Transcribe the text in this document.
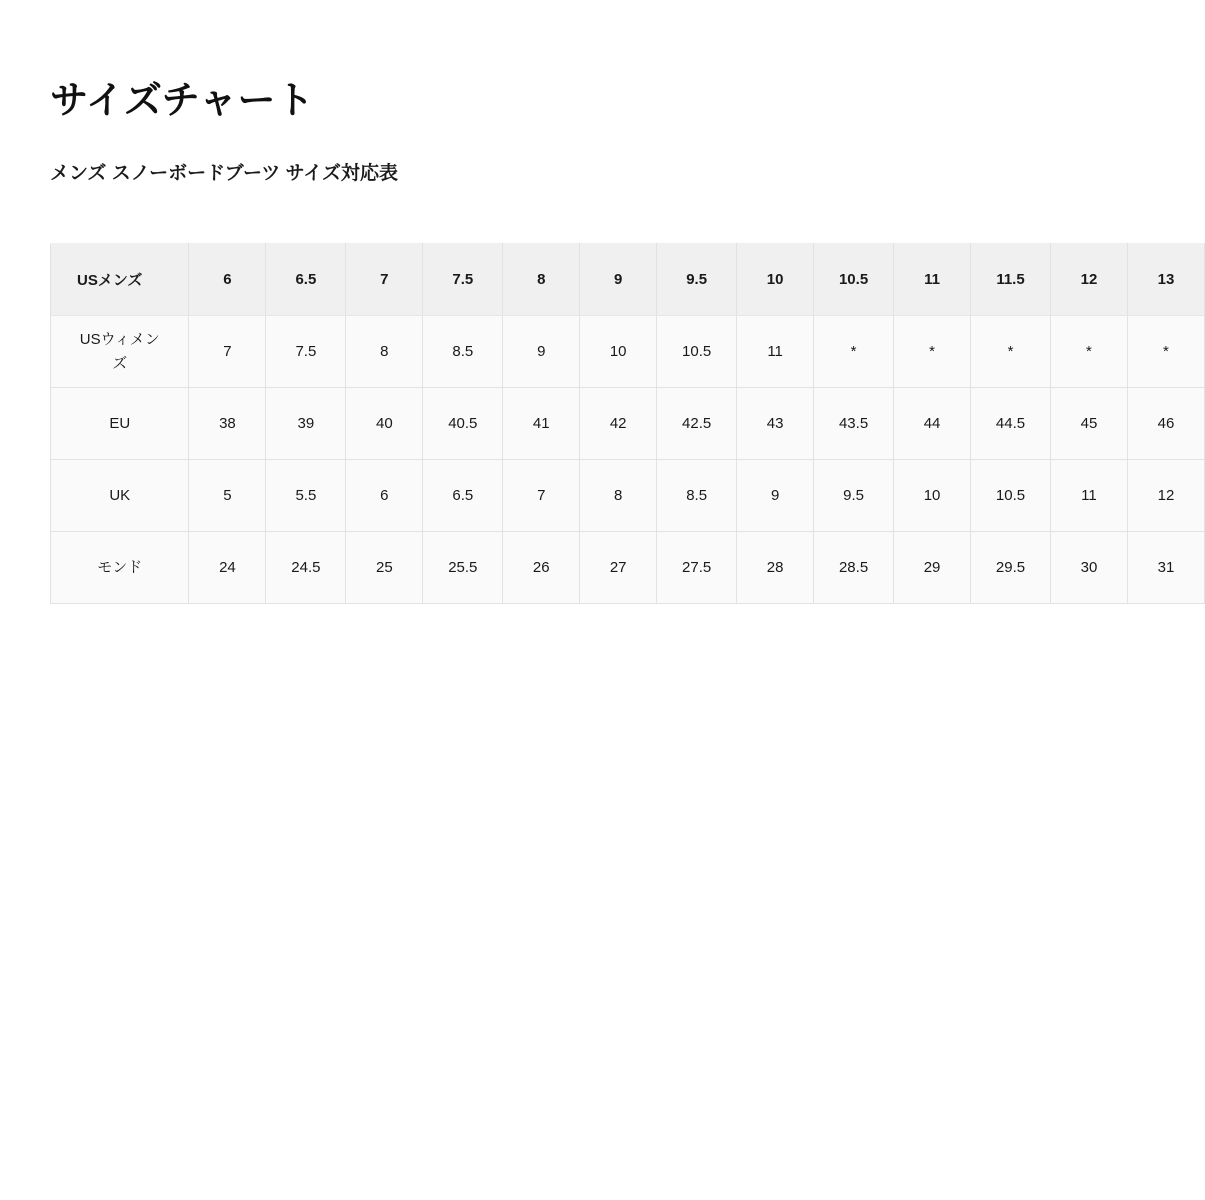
サイズチャート
メンズ スノーボードブーツ サイズ対応表
USメンズ	6	6.5	7	7.5	8	9	9.5	10	10.5	11	11.5	12	13

USウィメンズ	7	7.5	8	8.5	9	10	10.5	11	*	*	*	*	*

EU	38	39	40	40.5	41	42	42.5	43	43.5	44	44.5	45	46

UK	5	5.5	6	6.5	7	8	8.5	9	9.5	10	10.5	11	12

モンド	24	24.5	25	25.5	26	27	27.5	28	28.5	29	29.5	30	31
